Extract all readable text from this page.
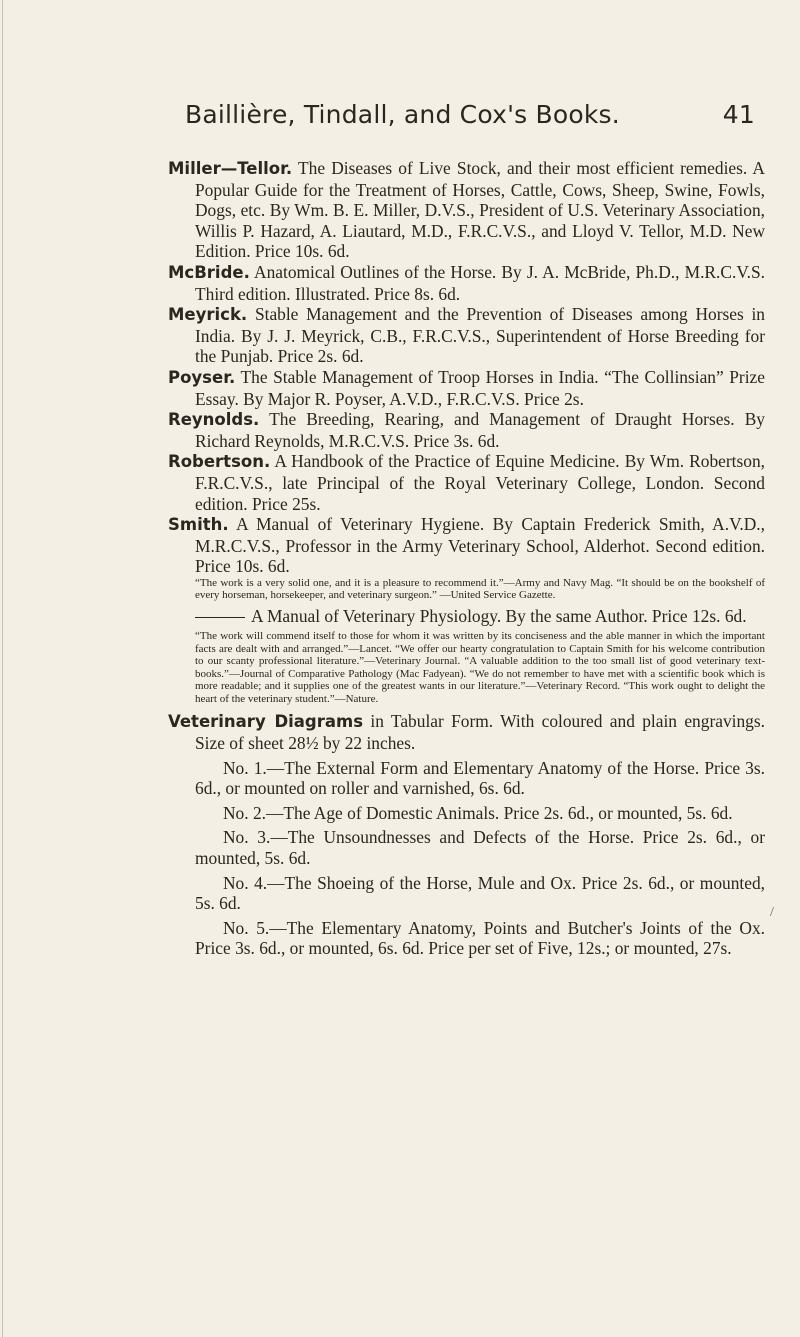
Baillière, Tindall, and Cox's Books.	41

Miller—Tellor. The Diseases of Live Stock, and their most efficient remedies. A Popular Guide for the Treatment of Horses, Cattle, Cows, Sheep, Swine, Fowls, Dogs, etc. By Wm. B. E. Miller, D.V.S., President of U.S. Veterinary Association, Willis P. Hazard, A. Liautard, M.D., F.R.C.V.S., and Lloyd V. Tellor, M.D. New Edition. Price 10s. 6d.

McBride. Anatomical Outlines of the Horse. By J. A. McBride, Ph.D., M.R.C.V.S. Third edition. Illustrated. Price 8s. 6d.

Meyrick. Stable Management and the Prevention of Diseases among Horses in India. By J. J. Meyrick, C.B., F.R.C.V.S., Superintendent of Horse Breeding for the Punjab. Price 2s. 6d.

Poyser. The Stable Management of Troop Horses in India. “The Collinsian” Prize Essay. By Major R. Poyser, A.V.D., F.R.C.V.S. Price 2s.

Reynolds. The Breeding, Rearing, and Management of Draught Horses. By Richard Reynolds, M.R.C.V.S. Price 3s. 6d.

Robertson. A Handbook of the Practice of Equine Medicine. By Wm. Robertson, F.R.C.V.S., late Principal of the Royal Veterinary College, London. Second edition. Price 25s.

Smith. A Manual of Veterinary Hygiene. By Captain Frederick Smith, A.V.D., M.R.C.V.S., Professor in the Army Veterinary School, Alderhot. Second edition. Price 10s. 6d.

“The work is a very solid one, and it is a pleasure to recommend it.”—Army and Navy Mag. “It should be on the bookshelf of every horseman, horsekeeper, and veterinary surgeon.” —United Service Gazette.

A Manual of Veterinary Physiology. By the same Author. Price 12s. 6d.

“The work will commend itself to those for whom it was written by its conciseness and the able manner in which the important facts are dealt with and arranged.”—Lancet. “We offer our hearty congratulation to Captain Smith for his welcome contribution to our scanty professional literature.”—Veterinary Journal. “A valuable addition to the too small list of good veterinary text-books.”—Journal of Comparative Pathology (Mac Fadyean). “We do not remember to have met with a scientific book which is more readable; and it supplies one of the greatest wants in our literature.”—Veterinary Record. “This work ought to delight the heart of the veterinary student.”—Nature.

Veterinary Diagrams in Tabular Form. With coloured and plain engravings. Size of sheet 28½ by 22 inches.

No. 1.—The External Form and Elementary Anatomy of the Horse. Price 3s. 6d., or mounted on roller and varnished, 6s. 6d.

No. 2.—The Age of Domestic Animals. Price 2s. 6d., or mounted, 5s. 6d.

No. 3.—The Unsoundnesses and Defects of the Horse. Price 2s. 6d., or mounted, 5s. 6d.

No. 4.—The Shoeing of the Horse, Mule and Ox. Price 2s. 6d., or mounted, 5s. 6d.

No. 5.—The Elementary Anatomy, Points and Butcher's Joints of the Ox. Price 3s. 6d., or mounted, 6s. 6d. Price per set of Five, 12s.; or mounted, 27s.

/
